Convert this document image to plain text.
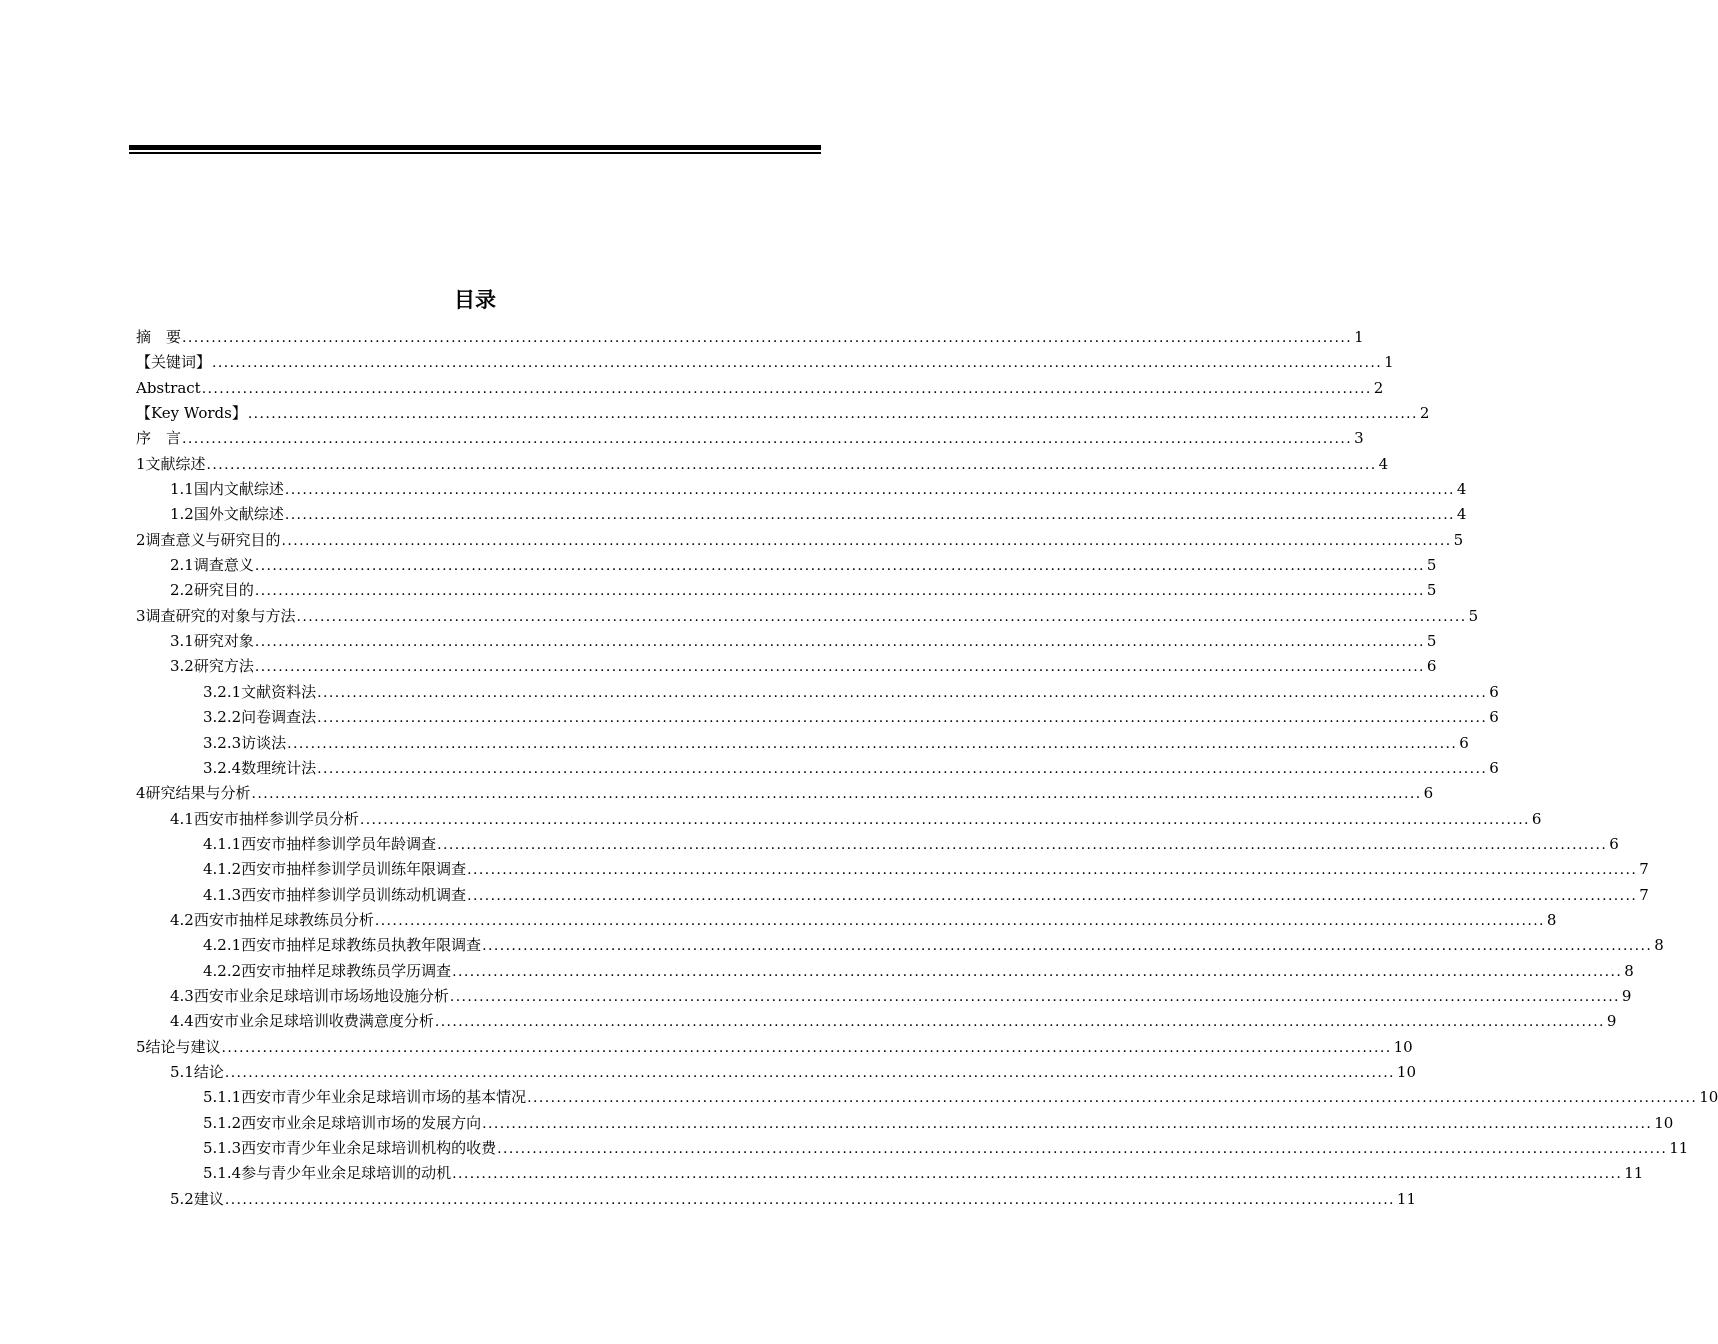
目录
摘　要 ........................................................................................................................................................................................................ 1
【关键词】 ........................................................................................................................................................................................................ 1
Abstract ........................................................................................................................................................................................................ 2
【Key Words】 ........................................................................................................................................................................................................ 2
序　言 ........................................................................................................................................................................................................ 3
1文献综述 ........................................................................................................................................................................................................ 4
1.1国内文献综述 ........................................................................................................................................................................................................ 4
1.2国外文献综述 ........................................................................................................................................................................................................ 4
2调查意义与研究目的 ........................................................................................................................................................................................................ 5
2.1调查意义 ........................................................................................................................................................................................................ 5
2.2研究目的 ........................................................................................................................................................................................................ 5
3调查研究的对象与方法 ........................................................................................................................................................................................................ 5
3.1研究对象 ........................................................................................................................................................................................................ 5
3.2研究方法 ........................................................................................................................................................................................................ 6
3.2.1文献资料法 ........................................................................................................................................................................................................ 6
3.2.2问卷调查法 ........................................................................................................................................................................................................ 6
3.2.3访谈法 ........................................................................................................................................................................................................ 6
3.2.4数理统计法 ........................................................................................................................................................................................................ 6
4研究结果与分析 ........................................................................................................................................................................................................ 6
4.1西安市抽样参训学员分析 ........................................................................................................................................................................................................ 6
4.1.1西安市抽样参训学员年龄调查 ........................................................................................................................................................................................................ 6
4.1.2西安市抽样参训学员训练年限调查 ........................................................................................................................................................................................................ 7
4.1.3西安市抽样参训学员训练动机调查 ........................................................................................................................................................................................................ 7
4.2西安市抽样足球教练员分析 ........................................................................................................................................................................................................ 8
4.2.1西安市抽样足球教练员执教年限调查 ........................................................................................................................................................................................................ 8
4.2.2西安市抽样足球教练员学历调查 ........................................................................................................................................................................................................ 8
4.3西安市业余足球培训市场场地设施分析 ........................................................................................................................................................................................................ 9
4.4西安市业余足球培训收费满意度分析 ........................................................................................................................................................................................................ 9
5结论与建议 ........................................................................................................................................................................................................ 10
5.1结论 ........................................................................................................................................................................................................ 10
5.1.1西安市青少年业余足球培训市场的基本情况 ........................................................................................................................................................................................................ 10
5.1.2西安市业余足球培训市场的发展方向 ........................................................................................................................................................................................................ 10
5.1.3西安市青少年业余足球培训机构的收费 ........................................................................................................................................................................................................ 11
5.1.4参与青少年业余足球培训的动机 ........................................................................................................................................................................................................ 11
5.2建议 ........................................................................................................................................................................................................ 11
